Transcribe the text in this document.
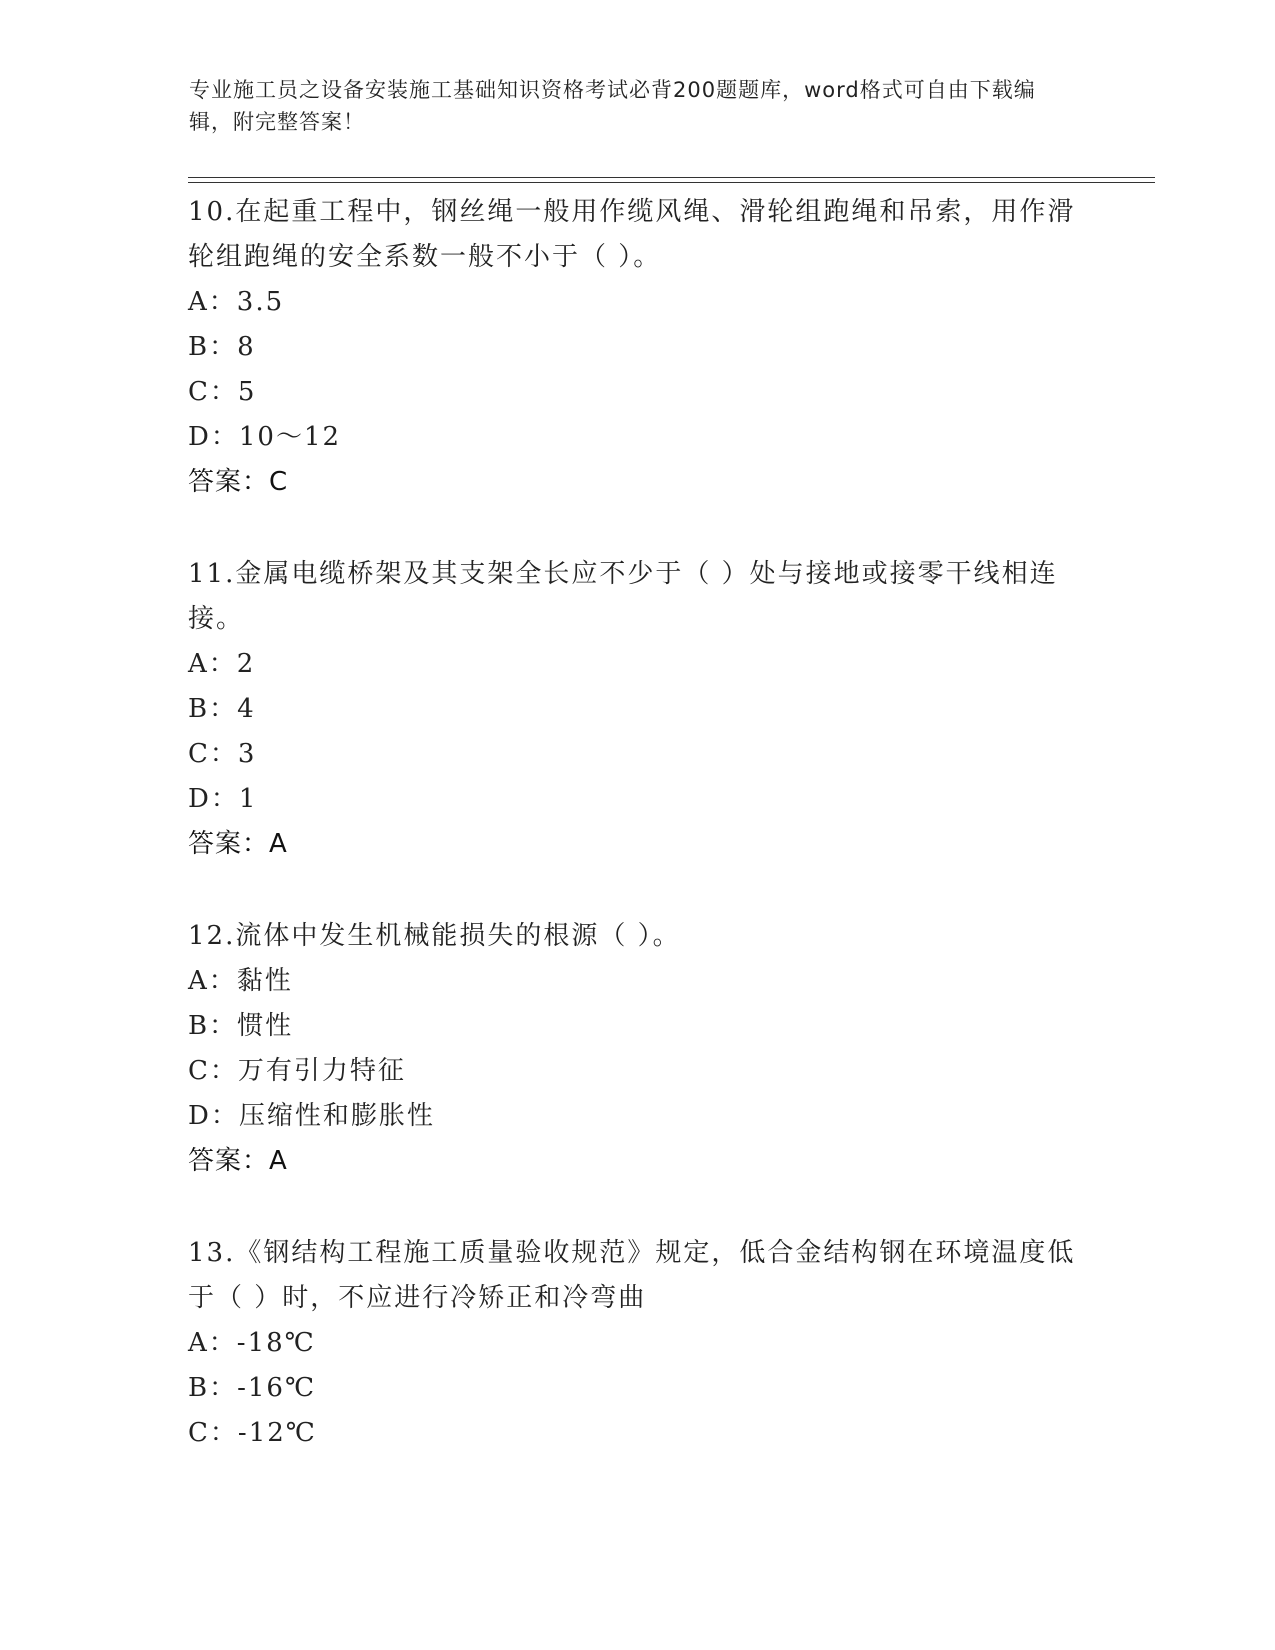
专业施工员之设备安装施工基础知识资格考试必背200题题库，word格式可自由下载编辑，附完整答案！

10.在起重工程中，钢丝绳一般用作缆风绳、滑轮组跑绳和吊索，用作滑轮组跑绳的安全系数一般不小于（ ）。

A：3.5
B：8
C：5
D：10～12
答案：C

11.金属电缆桥架及其支架全长应不少于（ ）处与接地或接零干线相连接。

A：2
B：4
C：3
D：1
答案：A

12.流体中发生机械能损失的根源（ ）。

A：黏性
B：惯性
C：万有引力特征
D：压缩性和膨胀性
答案：A

13.《钢结构工程施工质量验收规范》规定，低合金结构钢在环境温度低于（ ）时，不应进行冷矫正和冷弯曲

A：-18℃
B：-16℃
C：-12℃
